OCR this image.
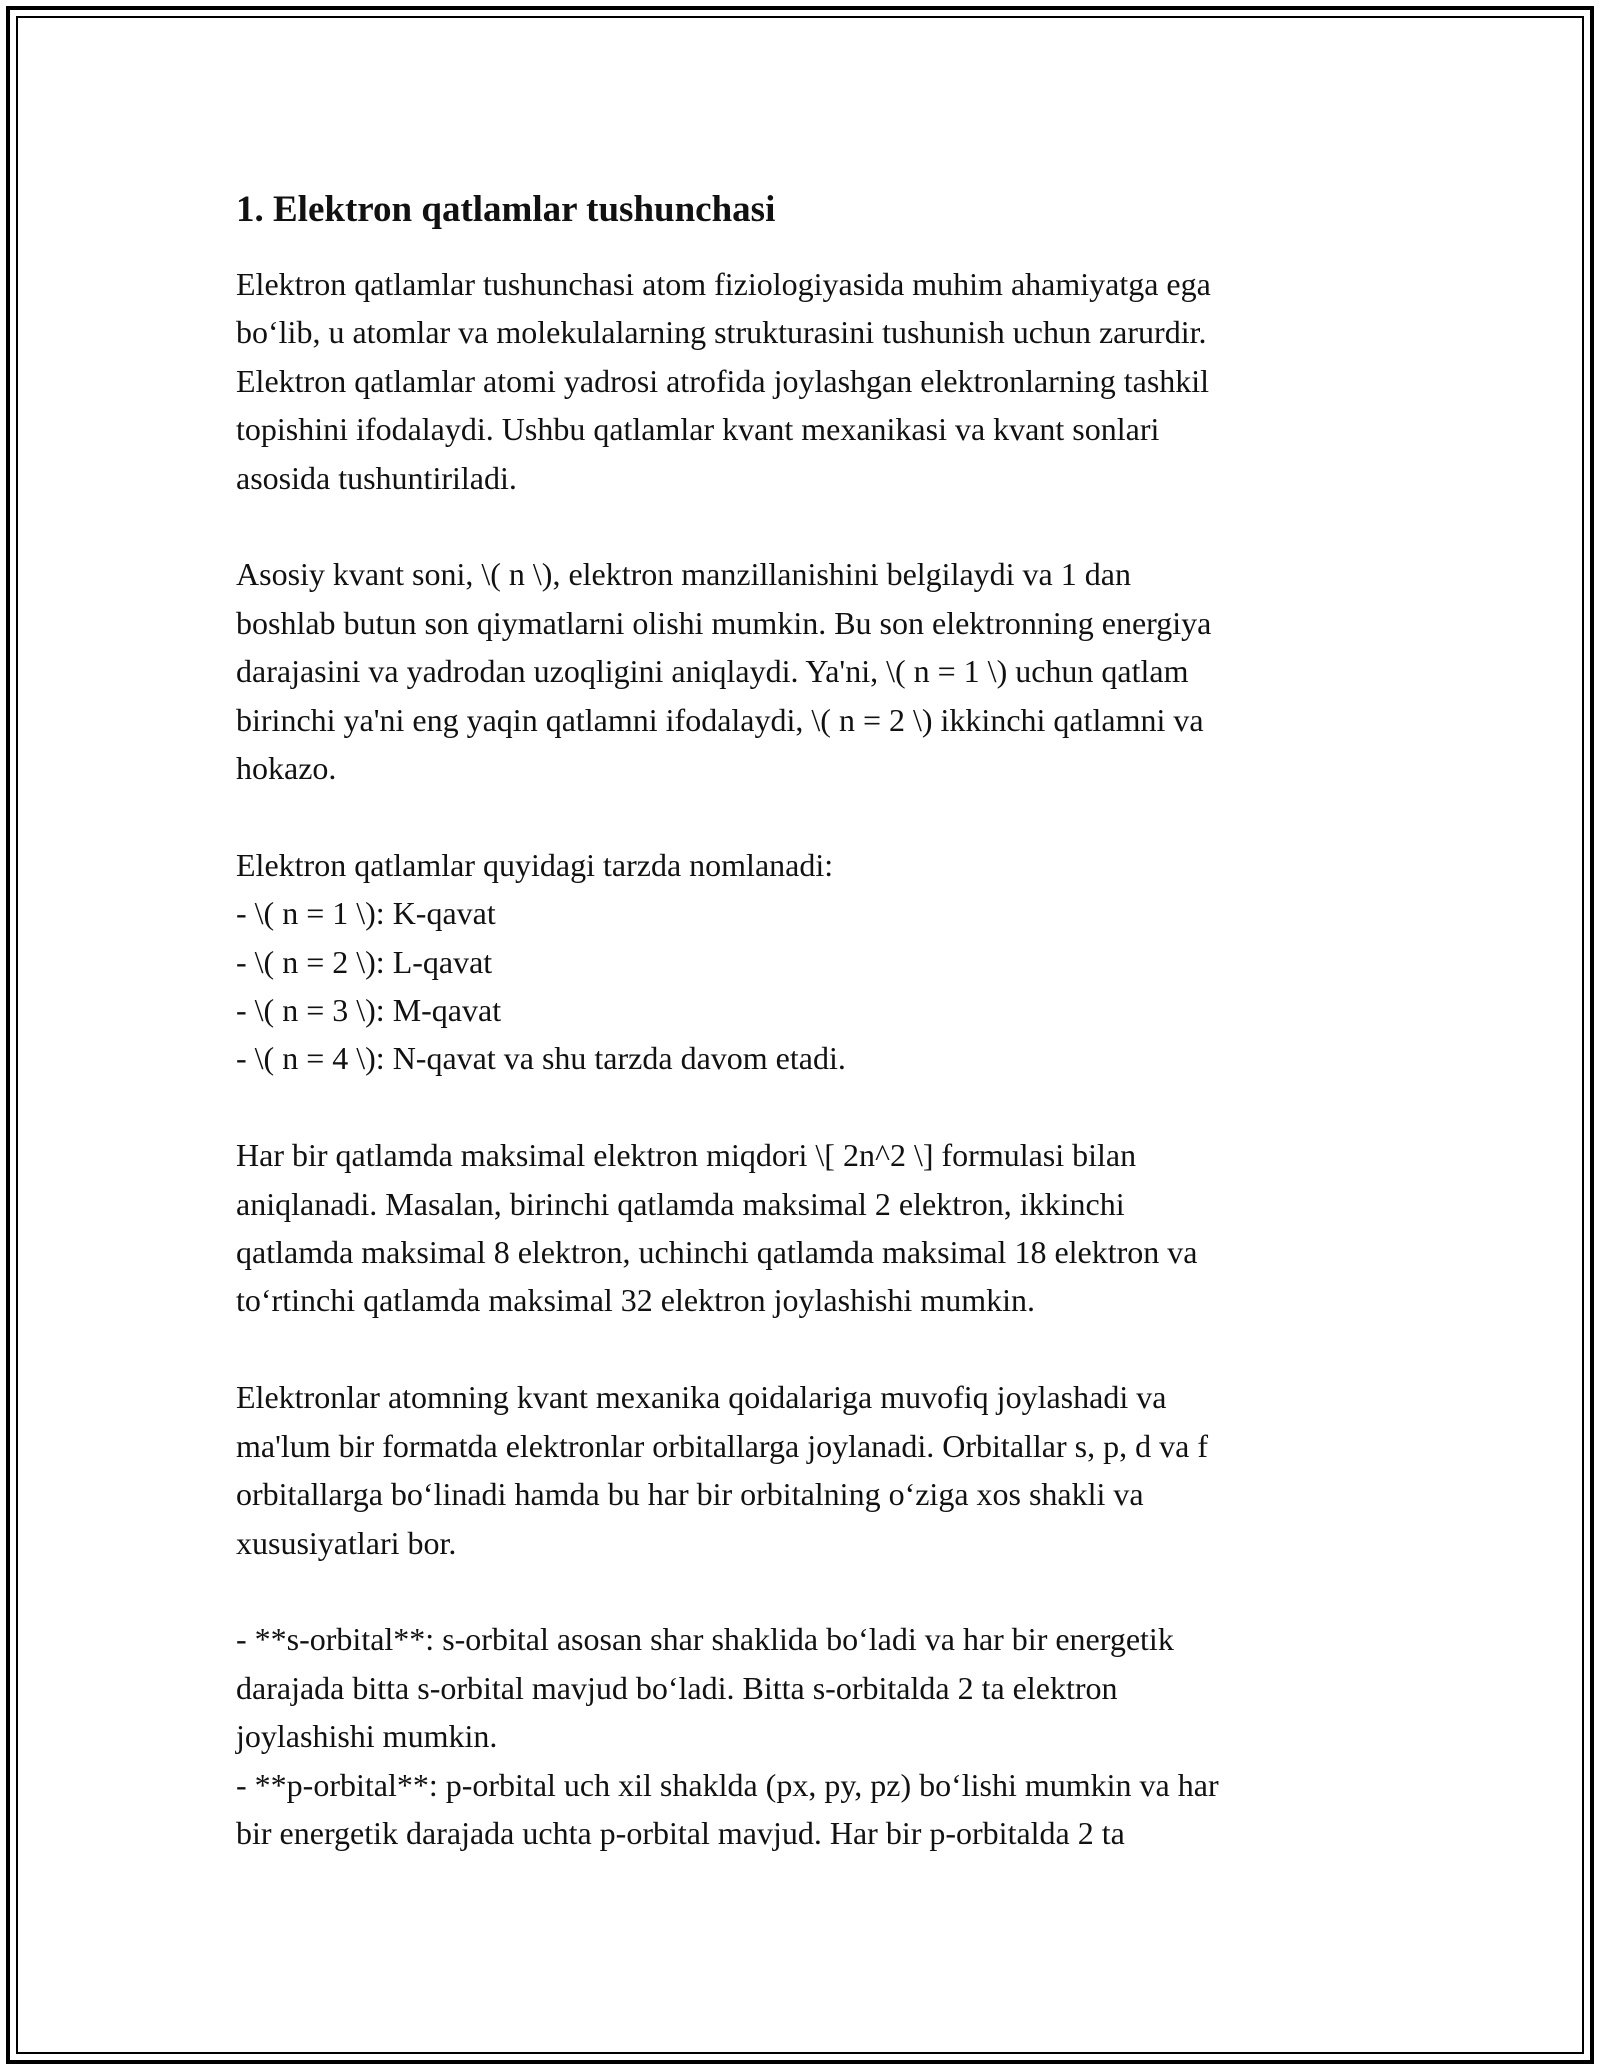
1. Elektron qatlamlar tushunchasi

Elektron qatlamlar tushunchasi atom fiziologiyasida muhim ahamiyatga ega
bo‘lib, u atomlar va molekulalarning strukturasini tushunish uchun zarurdir.
Elektron qatlamlar atomi yadrosi atrofida joylashgan elektronlarning tashkil
topishini ifodalaydi. Ushbu qatlamlar kvant mexanikasi va kvant sonlari
asosida tushuntiriladi.

Asosiy kvant soni, \( n \), elektron manzillanishini belgilaydi va 1 dan
boshlab butun son qiymatlarni olishi mumkin. Bu son elektronning energiya
darajasini va yadrodan uzoqligini aniqlaydi. Ya'ni, \( n = 1 \) uchun qatlam
birinchi ya'ni eng yaqin qatlamni ifodalaydi, \( n = 2 \) ikkinchi qatlamni va
hokazo.

Elektron qatlamlar quyidagi tarzda nomlanadi:
- \( n = 1 \): K-qavat
- \( n = 2 \): L-qavat
- \( n = 3 \): M-qavat
- \( n = 4 \): N-qavat va shu tarzda davom etadi.

Har bir qatlamda maksimal elektron miqdori \[ 2n^2 \] formulasi bilan
aniqlanadi. Masalan, birinchi qatlamda maksimal 2 elektron, ikkinchi
qatlamda maksimal 8 elektron, uchinchi qatlamda maksimal 18 elektron va
to‘rtinchi qatlamda maksimal 32 elektron joylashishi mumkin.

Elektronlar atomning kvant mexanika qoidalariga muvofiq joylashadi va
ma'lum bir formatda elektronlar orbitallarga joylanadi. Orbitallar s, p, d va f
orbitallarga bo‘linadi hamda bu har bir orbitalning o‘ziga xos shakli va
xususiyatlari bor.

- **s-orbital**: s-orbital asosan shar shaklida bo‘ladi va har bir energetik
darajada bitta s-orbital mavjud bo‘ladi. Bitta s-orbitalda 2 ta elektron
joylashishi mumkin.
- **p-orbital**: p-orbital uch xil shaklda (px, py, pz) bo‘lishi mumkin va har
bir energetik darajada uchta p-orbital mavjud. Har bir p-orbitalda 2 ta
